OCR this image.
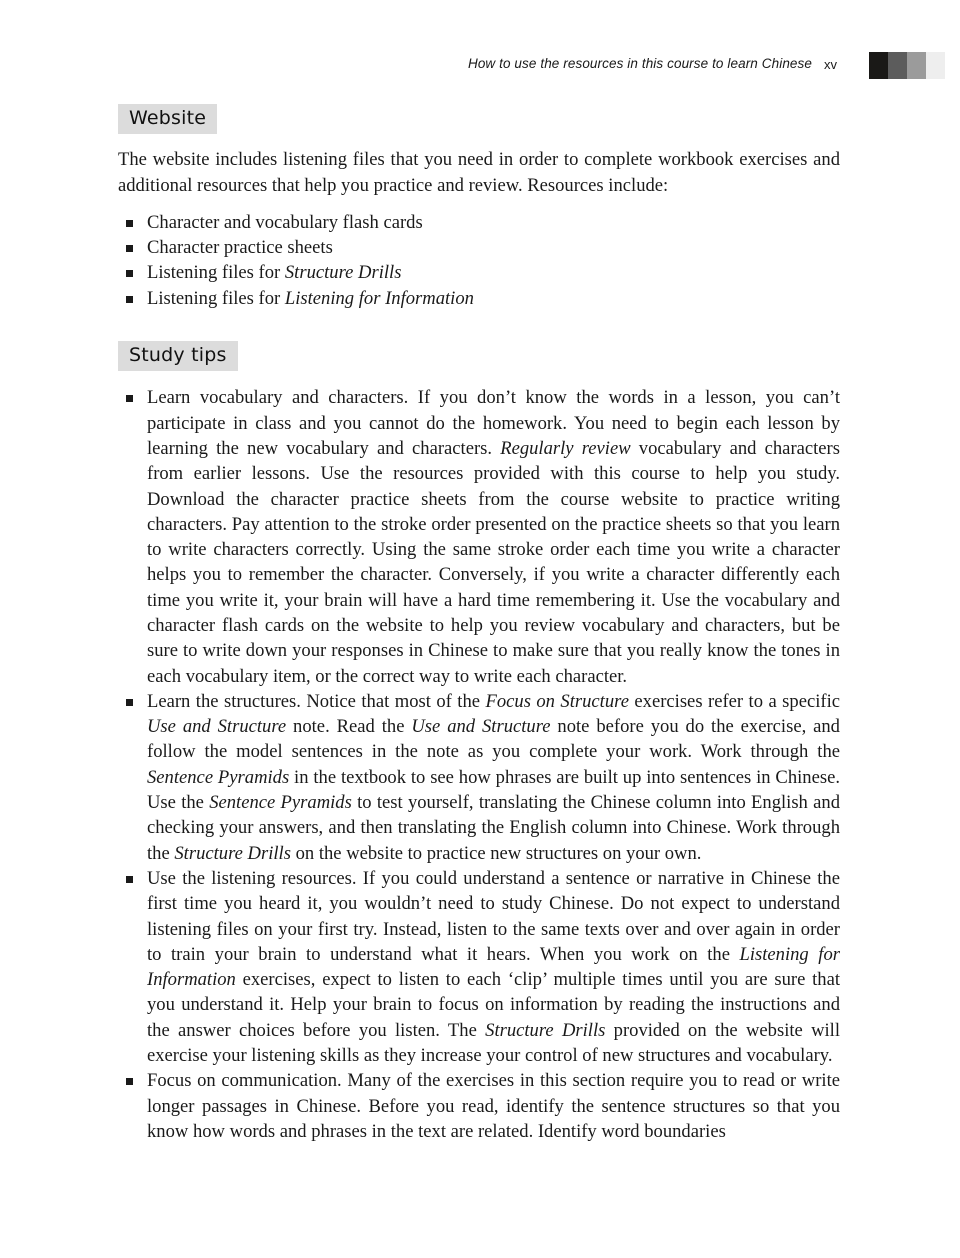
How to use the resources in this course to learn Chinese xv
Website

The website includes listening files that you need in order to complete workbook exercises and additional resources that help you practice and review. Resources include:

Character and vocabulary flash cards
Character practice sheets
Listening files for Structure Drills
Listening files for Listening for Information
Study tips
Learn vocabulary and characters. If you don’t know the words in a lesson, you can’t participate in class and you cannot do the homework. You need to begin each lesson by learning the new vocabulary and characters. Regularly review vocabulary and characters from earlier lessons. Use the resources provided with this course to help you study. Download the character practice sheets from the course website to practice writing characters. Pay attention to the stroke order presented on the practice sheets so that you learn to write characters correctly. Using the same stroke order each time you write a character helps you to remember the character. Conversely, if you write a character differently each time you write it, your brain will have a hard time remembering it. Use the vocabulary and character flash cards on the website to help you review vocabulary and characters, but be sure to write down your responses in Chinese to make sure that you really know the tones in each vocabulary item, or the correct way to write each character.
Learn the structures. Notice that most of the Focus on Structure exercises refer to a specific Use and Structure note. Read the Use and Structure note before you do the exercise, and follow the model sentences in the note as you complete your work. Work through the Sentence Pyramids in the textbook to see how phrases are built up into sentences in Chinese. Use the Sentence Pyramids to test yourself, translating the Chinese column into English and checking your answers, and then translating the English column into Chinese. Work through the Structure Drills on the website to practice new structures on your own.
Use the listening resources. If you could understand a sentence or narrative in Chinese the first time you heard it, you wouldn’t need to study Chinese. Do not expect to understand listening files on your first try. Instead, listen to the same texts over and over again in order to train your brain to understand what it hears. When you work on the Listening for Information exercises, expect to listen to each ‘clip’ multiple times until you are sure that you understand it. Help your brain to focus on information by reading the instructions and the answer choices before you listen. The Structure Drills provided on the website will exercise your listening skills as they increase your control of new structures and vocabulary.
Focus on communication. Many of the exercises in this section require you to read or write longer passages in Chinese. Before you read, identify the sentence structures so that you know how words and phrases in the text are related. Identify word boundaries
